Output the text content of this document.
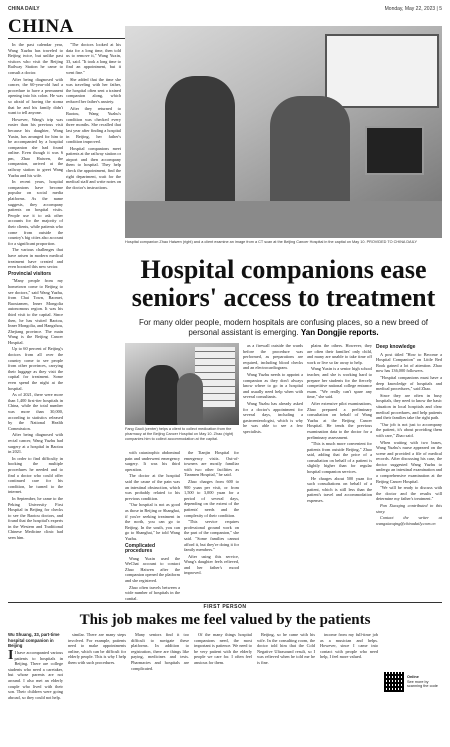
CHINA DAILY	Monday, May 22, 2023 | 5
CHINA

In the past calendar year, Wang Xuzhu has traveled to Beijing twice, but unlike past visitors who visit the Beijing Railway Station he came to consult a doctor.

After being diagnosed with cancer, the 60-year-old had a procedure to have a permanent opening into his colon. He was so afraid of having the stoma that he and his family didn't want to tell anyone.

However, Wang's trip was easier than his previous visit because his daughter, Wang Yuxin, has arranged for him to be accompanied by a hospital companion she had found online. Even though it was 6 pm, Zhao Haiwen, the companion, arrived at the railway station to greet Wang Yuzhu and his wife.

In recent years, hospital companions have become popular on social media platforms. As the name suggests, they accompany patients on hospital visits. People use it to ask other accounts for the majority of their clients, while patients who come from outside the country's big cities also account for a significant proportion.

The various challenges that have arisen in modern medical treatment have created and even boosted this new sector.

Provincial visitors

"Many people from my hometown come to Beijing to see doctors," said Wang Yuzhu, from Chai Town, Baomei, Baoxiamen, Inner Mongolia autonomous region. It was his third visit to the capital. Since then, he has visited Baotou, Inner Mongolia, and Hangzhou, Zhejiang province. The main Wang is the Beijing Cancer Hospital.

Up to 60 percent of Beijing's doctors from all over the country come to see people from other provinces, carrying their luggage as they visit the capital for treatment. Some even spend the night at the hospital.

As of 2021, there were more than 1,400 first-tier hospitals in China, while the total number was more than 30,000, according to statistics released by the National Health Commission.

After being diagnosed with rectal cancer, Wang Yuzhu had surgery at a hospital in Baotou in 2021.

In order to find difficulty in booking the multiple procedures he needed and to find a doctor who could offer continued care for his condition, he turned to the internet.

In September, he came to the Peking University First Hospital in Beijing for checks to see the Baotou doctors, and found that the hospital's experts in the Western and Traditional Chinese Medicine clinic had seen him.

"The doctors looked at his data for a long time, then told us to remove it," Wang Yuxin, 33, said. "It took a long time to find an appointment, but it went fine."

She added that the time she was traveling with her father, the hospital often sent a trained companion along, which reduced her father's anxiety.

After they returned to Baotou, Wang Yuzhu's condition was checked every three months. She recalled that last year after finding a hospital in Beijing, her father's condition improved.

Hospital companions meet patients at the railway station or airport and then accompany them to hospital. They help check the appointment, find the right department, wait for the medical staff and write notes on the doctor's instructions.

Hospital companion Zhao Haiwen (right) and a client examine an image from a CT scan at the Beijing Cancer Hospital in the capital on May 10. PROVIDED TO CHINA DAILY
Hospital companions ease seniors' access to treatment
For many older people, modern hospitals are confusing places, so a new breed of personal assistant is emerging. Yan Dongjie reports.
Fang Gaoli (center) helps a client to collect medication from the pharmacy at the Beijing Cancer Hospital on May 10. Zhao (right) companies him to collect accommodation at the capital.

with catastrophic abdominal pain and underwent emergency surgery. It was his third operation.

The doctor at the hospital said the cause of the pain was an intestinal obstruction, which was probably related to his previous condition.

"Our hospital is not as good as those in Beijing or Shanghai, if you're seeking treatment in the north, you can go to Beijing. In the south, you can go to Shanghai," he told Wang Yuzhu.

Complicated procedures

Wang Yuxin used the WeChat account to contact Zhao Haiwen after the companion opened the platform and she registered.

Zhao often travels between a wide number of hospitals in the capital.

the Tianjin Hospital for emergency visits. Out-of-towners are mostly familiar with two other facilities as Tianmen Hospital," he said.

Zhao charges from 600 to 900 yuan per visit, or from 1,500 to 3,000 yuan for a period of several days, depending on the extent of the patients' needs and the complexity of their condition.

"This service requires professional ground work on the part of the companion," she said. "Some families cannot afford it, but they're doing it for family members."

After using this service, Wang's daughter feels relieved, and her father's mood improved.

as a firewall outside the wards before the procedure was performed, as preparations are required, including blood checks and an electrocardiogram.

Wang Yuzhu needs to appoint a companion as they don't always know where to go in a hospital and usually need help when with several consultants.

Wang Yuzhu has already asked for a doctor's appointment for several days, including a gastroenterologist, which is why he was able to see a few specialists.

plains the others. However, they are often their families' only child, and many are unable to take time off work or live so far away to help.

Wang Yuxin is a senior high school teacher, and she is working hard to prepare her students for the fiercely competitive national college entrance exam. "We really can't spare any time," she said.

After extensive pilot examinations, Zhao prepared a preliminary consultation on behalf of Wang Yuzhu at the Beijing Cancer Hospital. He tends the previous examination data to the doctor for a preliminary assessment.

"This is much more convenient for patients from outside Beijing," Zhao said, adding that the price of a consultation on behalf of a patient is slightly higher than for regular hospital companion services.

He charges about 500 yuan for such consultations on behalf of a patient, which is still less than the patient's travel and accommodation expenses.

Deep knowledge

A post titled "How to Become a Hospital Companion" on Little Red Book gained a lot of attention. Zhao now has 136,000 followers.

"Hospital companions must have a deep knowledge of hospitals and medical procedures," said Zhao.

Since they are often in busy hospitals, they need to know the basic situation in local hospitals and clear medical procedures, and help patients and their families take the right path.

"Our job is not just to accompany the patient, it's about providing them with care," Zhao said.

When waiting with two buses, Wang Yuzhu's nurse appeared on the scene and provided a file of medical records. After discussing his case, the doctor suggested Wang Yuzhu to undergo an intestinal examination and a comprehensive examination at the Beijing Cancer Hospital.

"We will be ready to discuss with the doctor and the results will determine my father's treatment."

Pan Xiaoqing contributed to this story.

Contact the writer at wangxiaoqing@chinadaily.com.cn

FIRST PERSON
This job makes me feel valued by the patients
Wu Shuang, 33, part-time hospital companion in Beijing
I I have accompanied various patients to hospitals in Beijing. There are college students who need a caretaker, but whose parents are not around. I also met an elderly couple who lived with their son. Their children were going abroad, so they could not help.

similar. There are many steps involved. For example, patients need to make appointments online, which can be difficult for elderly people. This is why I help them with such procedures.

Many seniors find it too difficult to navigate these platforms. In addition to registration, there are things like paying, medicines and tests. Pharmacies and hospitals are complicated.

Of the many things hospital companions need, the most important is patience. We need to be very patient with the elderly people we care for. I often feel anxious for them.

Beijing, so he came with his wife. In the consulting room, the doctor told him that the Cold Negative Ultrasound result, so I was relieved when he told me he is fine.

income from my full-time job as a musician and helps. However, since I came into contact with people who need help, I feel more valued.

Online
See more by scanning the code
